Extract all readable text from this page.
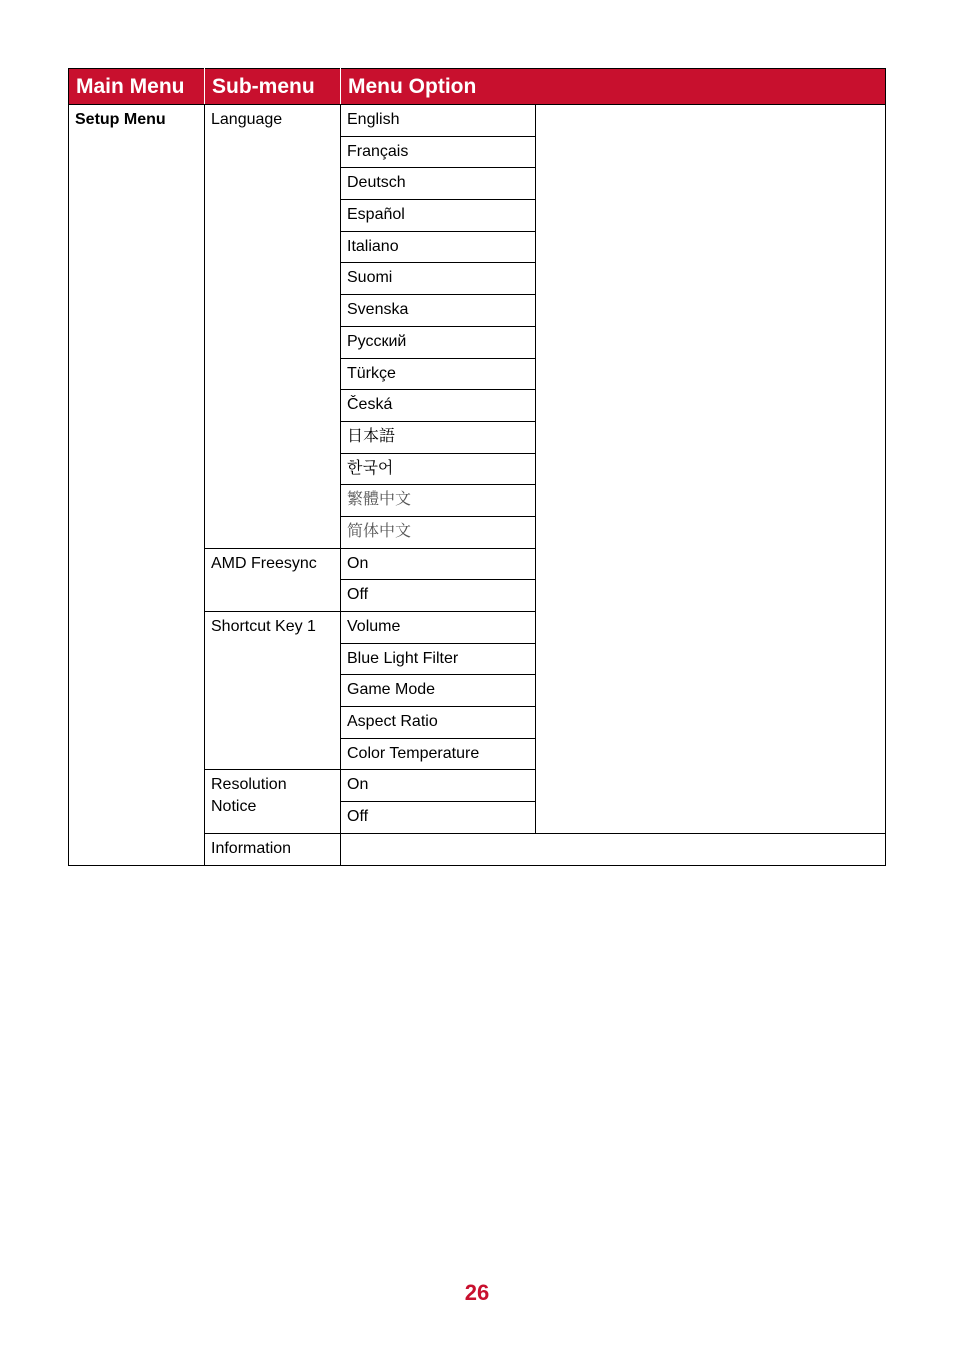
Main Menu	Sub-menu	Menu Option	
Setup Menu	Language	English	
		Français	
		Deutsch	
		Español	
		Italiano	
		Suomi	
		Svenska	
		Русский	
		Türkçe	
		Česká	
		日本語	
		한국어	
		繁體中文	
		简体中文	
	AMD Freesync	On	
		Off	
	Shortcut Key 1	Volume	
		Blue Light Filter	
		Game Mode	
		Aspect Ratio	
		Color Temperature	
	Resolution Notice	On	
		Off	
	Information		
26
